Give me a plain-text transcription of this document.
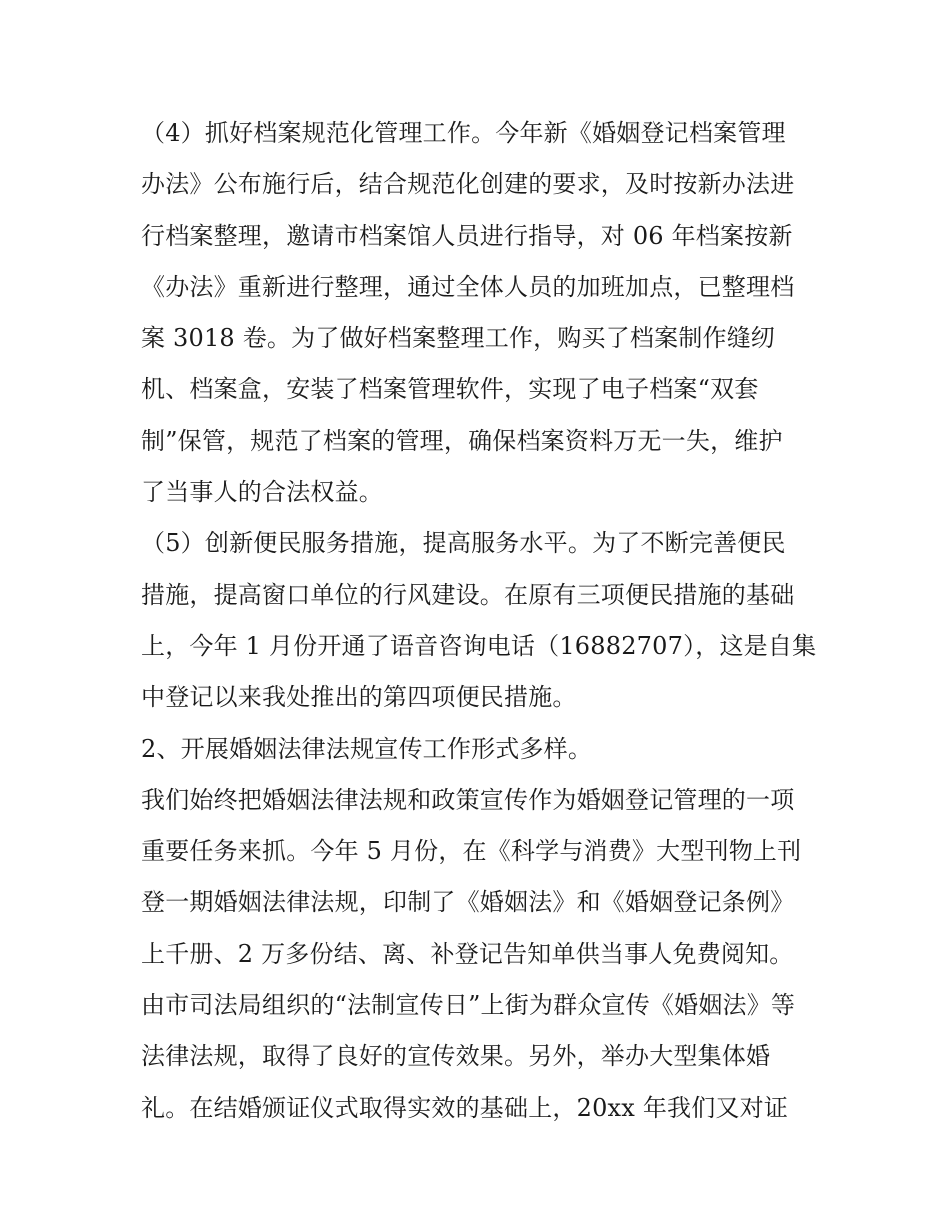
（4）抓好档案规范化管理工作。今年新《婚姻登记档案管理
办法》公布施行后，结合规范化创建的要求，及时按新办法进
行档案整理，邀请市档案馆人员进行指导，对 06 年档案按新
《办法》重新进行整理，通过全体人员的加班加点，已整理档
案 3018 卷。为了做好档案整理工作，购买了档案制作缝纫
机、档案盒，安装了档案管理软件，实现了电子档案“双套
制”保管，规范了档案的管理，确保档案资料万无一失，维护
了当事人的合法权益。
（5）创新便民服务措施，提高服务水平。为了不断完善便民
措施，提高窗口单位的行风建设。在原有三项便民措施的基础
上，今年 1 月份开通了语音咨询电话（16882707），这是自集
中登记以来我处推出的第四项便民措施。
2、开展婚姻法律法规宣传工作形式多样。
我们始终把婚姻法律法规和政策宣传作为婚姻登记管理的一项
重要任务来抓。今年 5 月份，在《科学与消费》大型刊物上刊
登一期婚姻法律法规，印制了《婚姻法》和《婚姻登记条例》
上千册、2 万多份结、离、补登记告知单供当事人免费阅知。
由市司法局组织的“法制宣传日”上街为群众宣传《婚姻法》等
法律法规，取得了良好的宣传效果。另外，举办大型集体婚
礼。在结婚颁证仪式取得实效的基础上，20xx 年我们又对证
